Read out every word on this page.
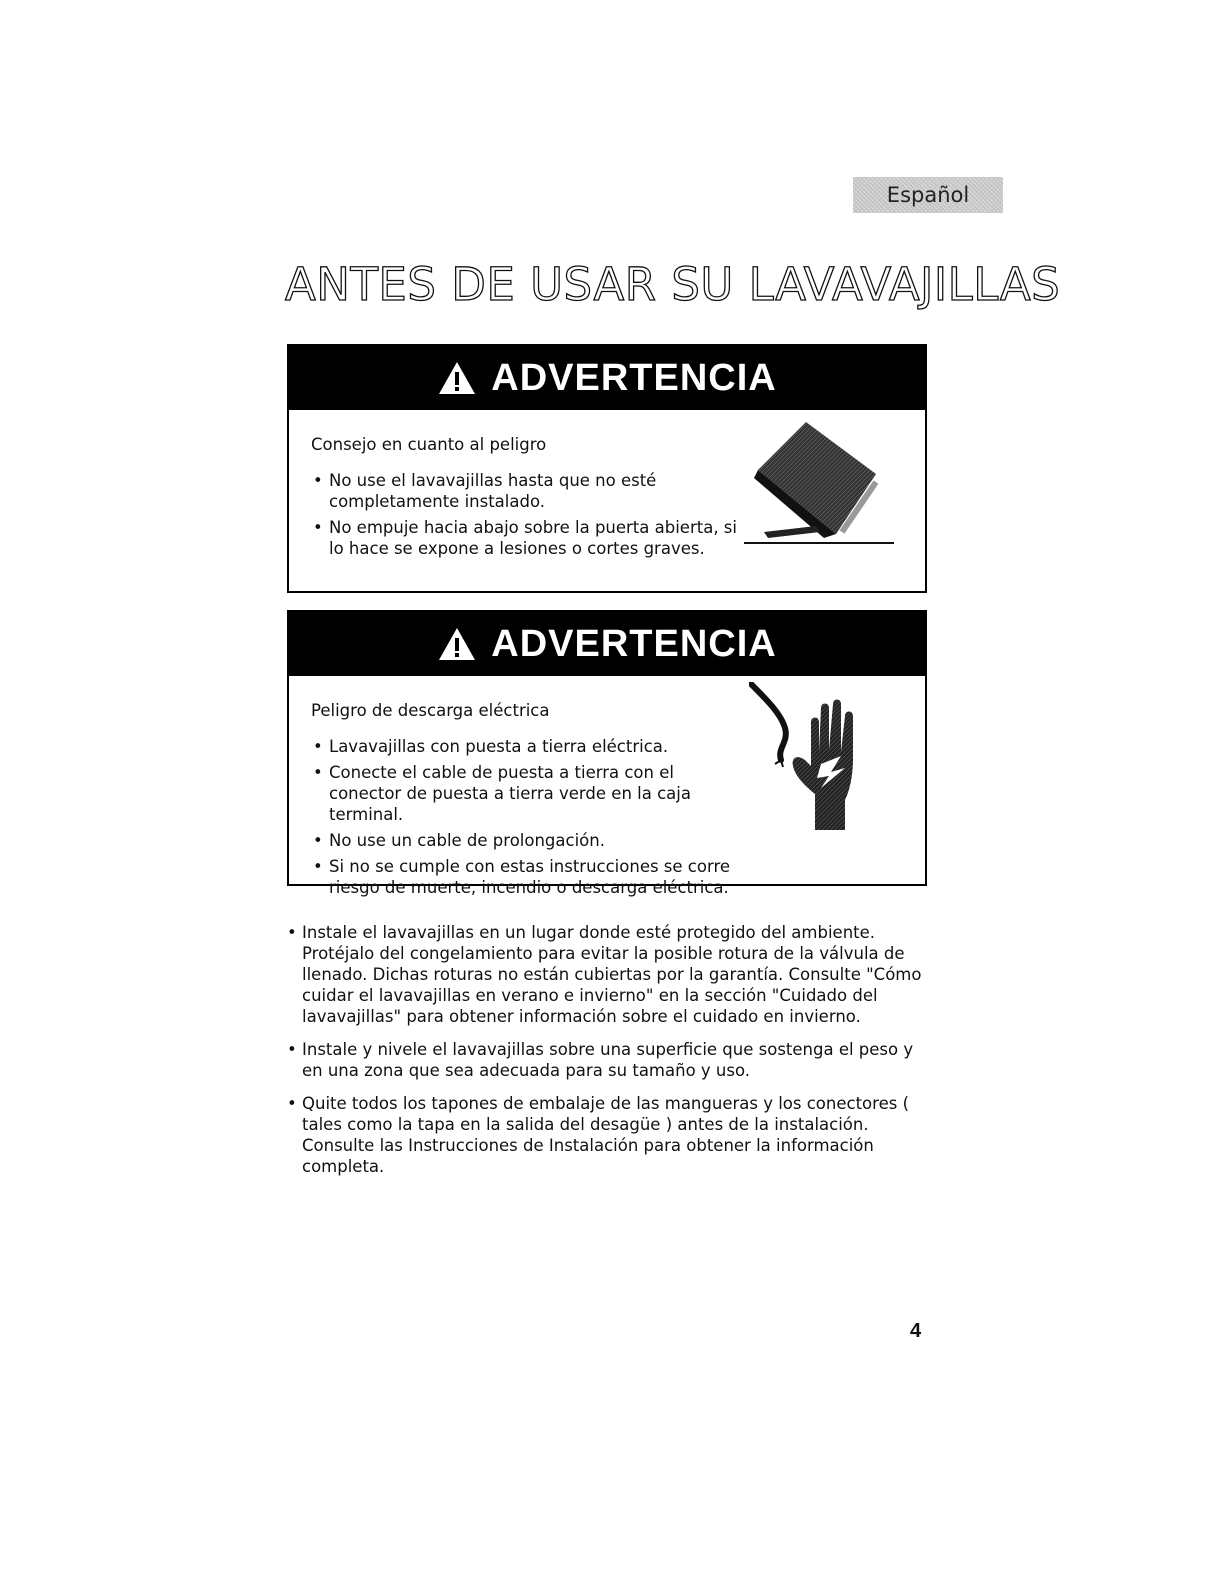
Español
ANTES DE USAR SU LAVAVAJILLAS
ADVERTENCIA

Consejo en cuanto al peligro

• No use el lavavajillas hasta que no esté completamente instalado.
• No empuje hacia abajo sobre la puerta abierta, si lo hace se expone a lesiones o cortes graves.
ADVERTENCIA

Peligro de descarga eléctrica

• Lavavajillas con puesta a tierra eléctrica.
• Conecte el cable de puesta a tierra con el conector de puesta a tierra verde en la caja terminal.
• No use un cable de prolongación.
• Si no se cumple con estas instrucciones se corre riesgo de muerte, incendio o descarga eléctrica.
• Instale el lavavajillas en un lugar donde esté protegido del ambiente. Protéjalo del congelamiento para evitar la posible rotura de la válvula de llenado. Dichas roturas no están cubiertas por la garantía. Consulte "Cómo cuidar el lavavajillas en verano e invierno" en la sección "Cuidado del lavavajillas" para obtener información sobre el cuidado en invierno.
• Instale y nivele el lavavajillas sobre una superficie que sostenga el peso y en una zona que sea adecuada para su tamaño y uso.
• Quite todos los tapones de embalaje de las mangueras y los conectores ( tales como la tapa en la salida del desagüe ) antes de la instalación. Consulte las Instrucciones de Instalación para obtener la información completa.
4
